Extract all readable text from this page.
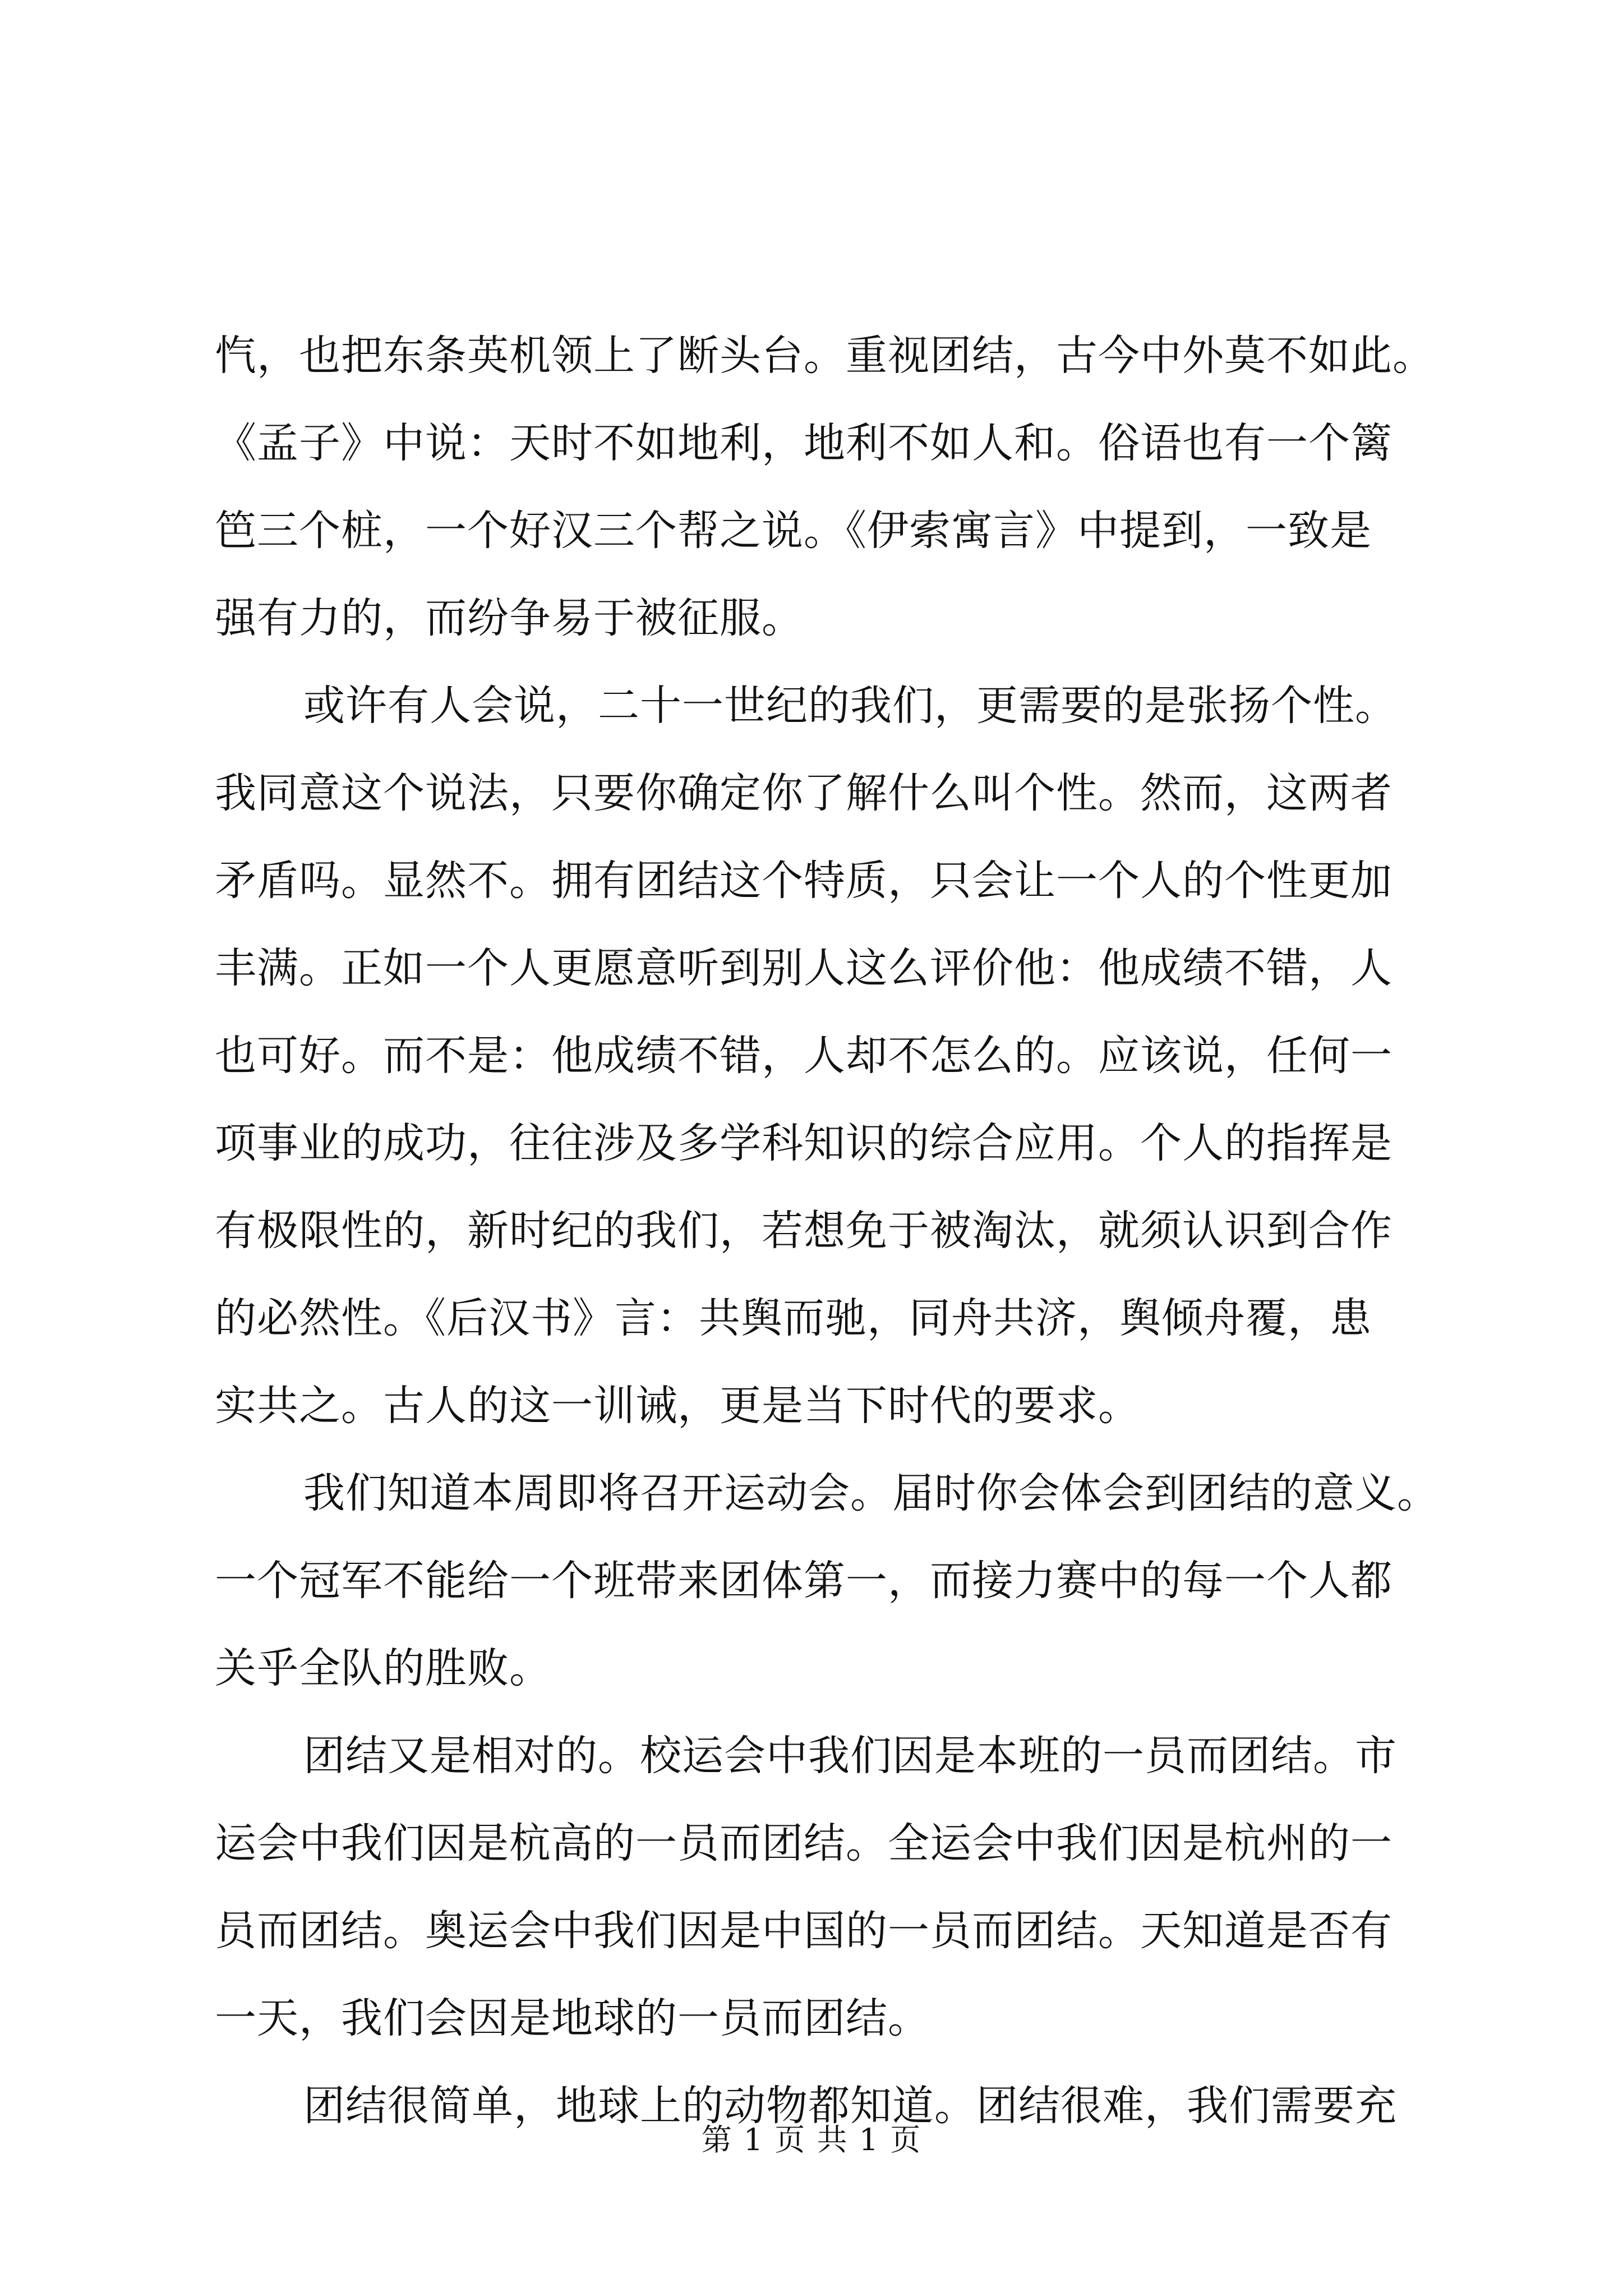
忾，也把东条英机领上了断头台。重视团结，古今中外莫不如此。
《孟子》中说：天时不如地利，地利不如人和。俗语也有一个篱
笆三个桩，一个好汉三个帮之说。《伊索寓言》中提到，一致是
强有力的，而纷争易于被征服。
或许有人会说，二十一世纪的我们，更需要的是张扬个性。
我同意这个说法，只要你确定你了解什么叫个性。然而，这两者
矛盾吗。显然不。拥有团结这个特质，只会让一个人的个性更加
丰满。正如一个人更愿意听到别人这么评价他：他成绩不错，人
也可好。而不是：他成绩不错，人却不怎么的。应该说，任何一
项事业的成功，往往涉及多学科知识的综合应用。个人的指挥是
有极限性的，新时纪的我们，若想免于被淘汰，就须认识到合作
的必然性。《后汉书》言：共舆而驰，同舟共济，舆倾舟覆，患
实共之。古人的这一训诫，更是当下时代的要求。
我们知道本周即将召开运动会。届时你会体会到团结的意义。
一个冠军不能给一个班带来团体第一，而接力赛中的每一个人都
关乎全队的胜败。
团结又是相对的。校运会中我们因是本班的一员而团结。市
运会中我们因是杭高的一员而团结。全运会中我们因是杭州的一
员而团结。奥运会中我们因是中国的一员而团结。天知道是否有
一天，我们会因是地球的一员而团结。
团结很简单，地球上的动物都知道。团结很难，我们需要充
第 1 页 共 1 页
